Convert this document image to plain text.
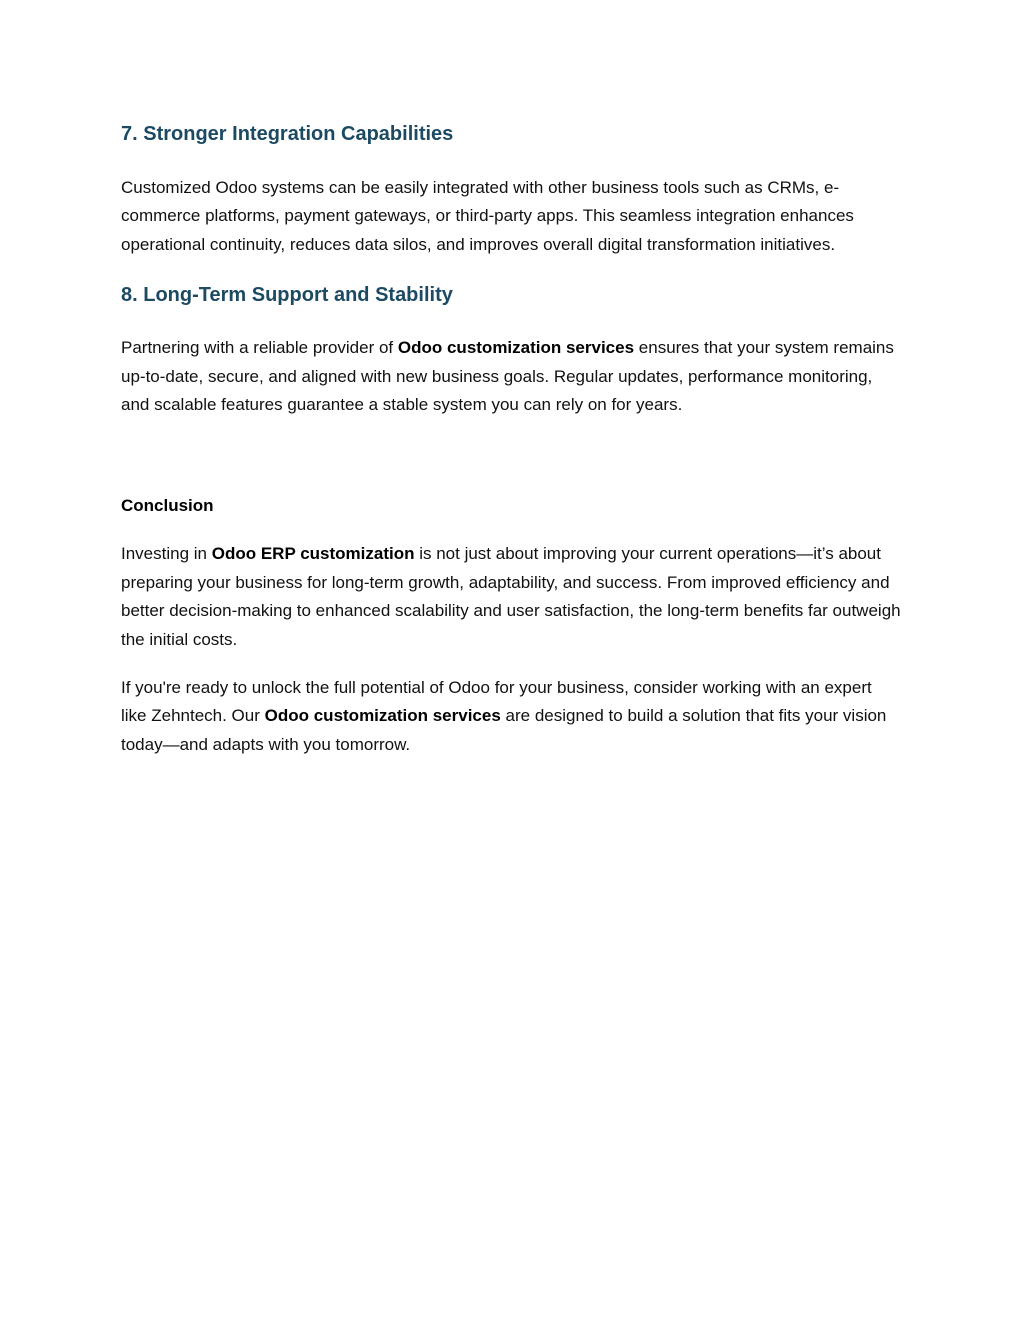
7. Stronger Integration Capabilities

Customized Odoo systems can be easily integrated with other business tools such as CRMs, e-commerce platforms, payment gateways, or third-party apps. This seamless integration enhances operational continuity, reduces data silos, and improves overall digital transformation initiatives.

8. Long-Term Support and Stability

Partnering with a reliable provider of Odoo customization services ensures that your system remains up-to-date, secure, and aligned with new business goals. Regular updates, performance monitoring, and scalable features guarantee a stable system you can rely on for years.

Conclusion

Investing in Odoo ERP customization is not just about improving your current operations—it’s about preparing your business for long-term growth, adaptability, and success. From improved efficiency and better decision-making to enhanced scalability and user satisfaction, the long-term benefits far outweigh the initial costs.

If you're ready to unlock the full potential of Odoo for your business, consider working with an expert like Zehntech. Our Odoo customization services are designed to build a solution that fits your vision today—and adapts with you tomorrow.
